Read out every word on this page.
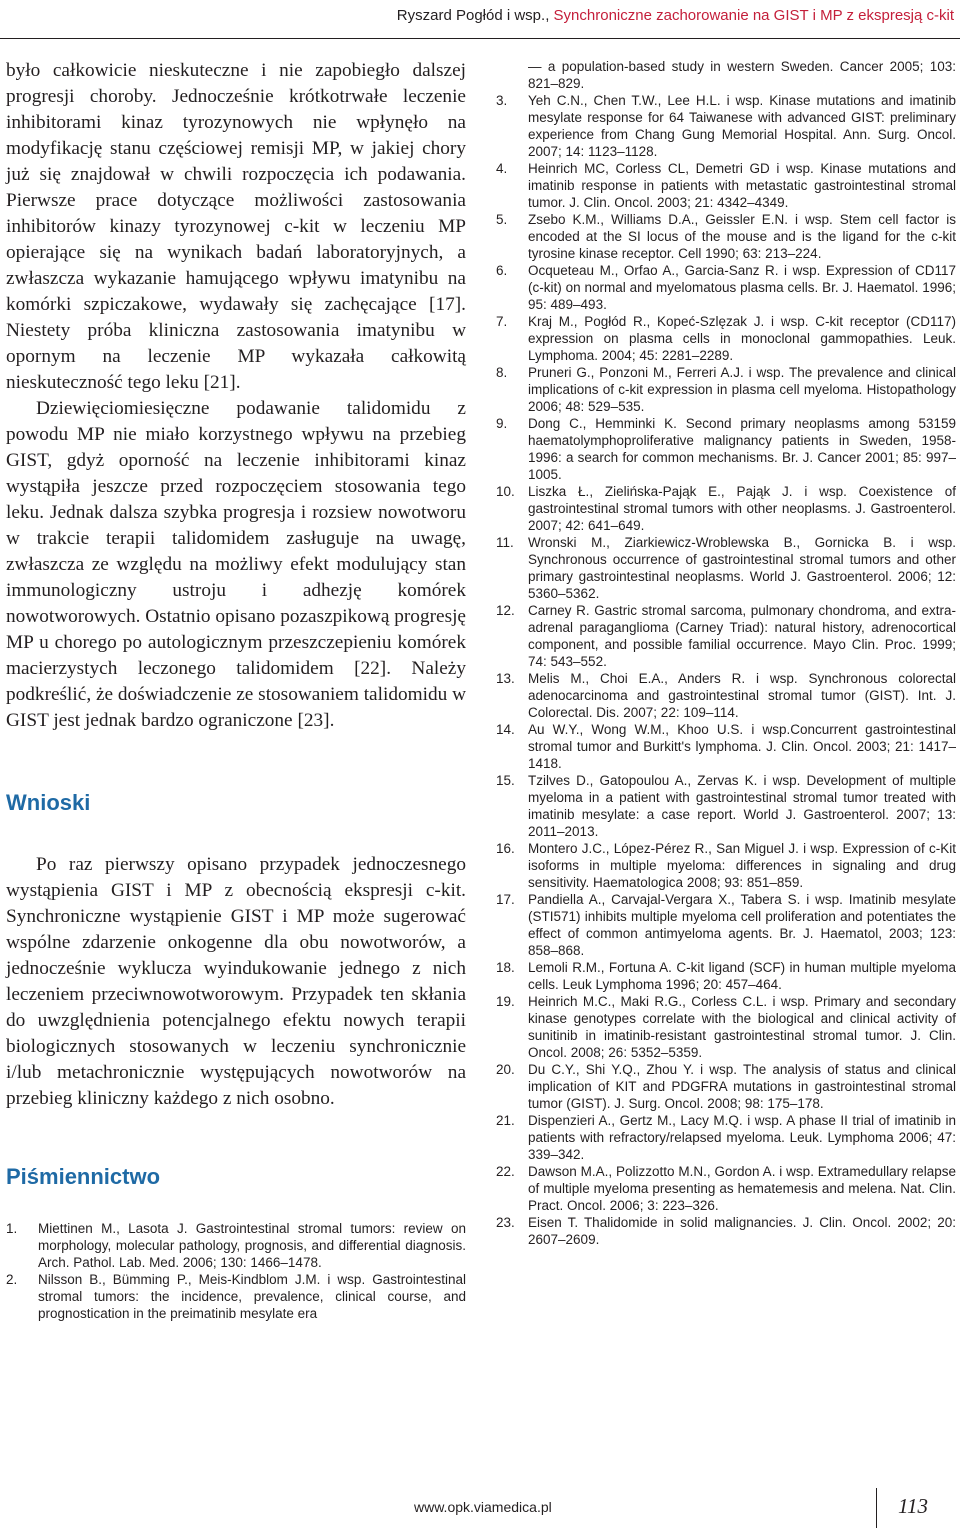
Ryszard Pogłód i wsp., Synchroniczne zachorowanie na GIST i MP z ekspresją c-kit

było całkowicie nieskuteczne i nie zapobiegło dalszej progresji choroby. Jednocześnie krótkotrwałe leczenie inhibitorami kinaz tyrozynowych nie wpłynęło na modyfikację stanu częściowej remisji MP, w jakiej chory już się znajdował w chwili rozpoczęcia ich podawania. Pierwsze prace dotyczące możliwości zastosowania inhibitorów kinazy tyrozynowej c-kit w leczeniu MP opierające się na wynikach badań laboratoryjnych, a zwłaszcza wykazanie hamującego wpływu imatynibu na komórki szpiczakowe, wydawały się zachęcające [17]. Niestety próba kliniczna zastosowania imatynibu w opornym na leczenie MP wykazała całkowitą nieskuteczność tego leku [21].

Dziewięciomiesięczne podawanie talidomidu z powodu MP nie miało korzystnego wpływu na przebieg GIST, gdyż oporność na leczenie inhibitorami kinaz wystąpiła jeszcze przed rozpoczęciem stosowania tego leku. Jednak dalsza szybka progresja i rozsiew nowotworu w trakcie terapii talidomidem zasługuje na uwagę, zwłaszcza ze względu na możliwy efekt modulujący stan immunologiczny ustroju i adhezję komórek nowotworowych. Ostatnio opisano pozaszpikową progresję MP u chorego po autologicznym przeszczepieniu komórek macierzystych leczonego talidomidem [22]. Należy podkreślić, że doświadczenie ze stosowaniem talidomidu w GIST jest jednak bardzo ograniczone [23].

Wnioski

Po raz pierwszy opisano przypadek jednoczesnego wystąpienia GIST i MP z obecnością ekspresji c-kit. Synchroniczne wystąpienie GIST i MP może sugerować wspólne zdarzenie onkogenne dla obu nowotworów, a jednocześnie wyklucza wyindukowanie jednego z nich leczeniem przeciwnowotworowym. Przypadek ten skłania do uwzględnienia potencjalnego efektu nowych terapii biologicznych stosowanych w leczeniu synchronicznie i/lub metachronicznie występujących nowotworów na przebieg kliniczny każdego z nich osobno.

Piśmiennictwo
1. Miettinen M., Lasota J. Gastrointestinal stromal tumors: review on morphology, molecular pathology, prognosis, and differential diagnosis. Arch. Pathol. Lab. Med. 2006; 130: 1466–1478.
2. Nilsson B., Bümming P., Meis-Kindblom J.M. i wsp. Gastrointestinal stromal tumors: the incidence, prevalence, clinical course, and prognostication in the preimatinib mesylate era
— a population-based study in western Sweden. Cancer 2005; 103: 821–829.
3. Yeh C.N., Chen T.W., Lee H.L. i wsp. Kinase mutations and imatinib mesylate response for 64 Taiwanese with advanced GIST: preliminary experience from Chang Gung Memorial Hospital. Ann. Surg. Oncol. 2007; 14: 1123–1128.
4. Heinrich MC, Corless CL, Demetri GD i wsp. Kinase mutations and imatinib response in patients with metastatic gastrointestinal stromal tumor. J. Clin. Oncol. 2003; 21: 4342–4349.
5. Zsebo K.M., Williams D.A., Geissler E.N. i wsp. Stem cell factor is encoded at the SI locus of the mouse and is the ligand for the c-kit tyrosine kinase receptor. Cell 1990; 63: 213–224.
6. Ocqueteau M., Orfao A., Garcia-Sanz R. i wsp. Expression of CD117 (c-kit) on normal and myelomatous plasma cells. Br. J. Haematol. 1996; 95: 489–493.
7. Kraj M., Pogłód R., Kopeć-Szlęzak J. i wsp. C-kit receptor (CD117) expression on plasma cells in monoclonal gammopathies. Leuk. Lymphoma. 2004; 45: 2281–2289.
8. Pruneri G., Ponzoni M., Ferreri A.J. i wsp. The prevalence and clinical implications of c-kit expression in plasma cell myeloma. Histopathology 2006; 48: 529–535.
9. Dong C., Hemminki K. Second primary neoplasms among 53159 haematolymphoproliferative malignancy patients in Sweden, 1958-1996: a search for common mechanisms. Br. J. Cancer 2001; 85: 997–1005.
10. Liszka Ł., Zielińska-Pająk E., Pająk J. i wsp. Coexistence of gastrointestinal stromal tumors with other neoplasms. J. Gastroenterol. 2007; 42: 641–649.
11. Wronski M., Ziarkiewicz-Wroblewska B., Gornicka B. i wsp. Synchronous occurrence of gastrointestinal stromal tumors and other primary gastrointestinal neoplasms. World J. Gastroenterol. 2006; 12: 5360–5362.
12. Carney R. Gastric stromal sarcoma, pulmonary chondroma, and extra-adrenal paraganglioma (Carney Triad): natural history, adrenocortical component, and possible familial occurrence. Mayo Clin. Proc. 1999; 74: 543–552.
13. Melis M., Choi E.A., Anders R. i wsp. Synchronous colorectal adenocarcinoma and gastrointestinal stromal tumor (GIST). Int. J. Colorectal. Dis. 2007; 22: 109–114.
14. Au W.Y., Wong W.M., Khoo U.S. i wsp.Concurrent gastrointestinal stromal tumor and Burkitt's lymphoma. J. Clin. Oncol. 2003; 21: 1417–1418.
15. Tzilves D., Gatopoulou A., Zervas K. i wsp. Development of multiple myeloma in a patient with gastrointestinal stromal tumor treated with imatinib mesylate: a case report. World J. Gastroenterol. 2007; 13: 2011–2013.
16. Montero J.C., López-Pérez R., San Miguel J. i wsp. Expression of c-Kit isoforms in multiple myeloma: differences in signaling and drug sensitivity. Haematologica 2008; 93: 851–859.
17. Pandiella A., Carvajal-Vergara X., Tabera S. i wsp. Imatinib mesylate (STI571) inhibits multiple myeloma cell proliferation and potentiates the effect of common antimyeloma agents. Br. J. Haematol, 2003; 123: 858–868.
18. Lemoli R.M., Fortuna A. C-kit ligand (SCF) in human multiple myeloma cells. Leuk Lymphoma 1996; 20: 457–464.
19. Heinrich M.C., Maki R.G., Corless C.L. i wsp. Primary and secondary kinase genotypes correlate with the biological and clinical activity of sunitinib in imatinib-resistant gastrointestinal stromal tumor. J. Clin. Oncol. 2008; 26: 5352–5359.
20. Du C.Y., Shi Y.Q., Zhou Y. i wsp. The analysis of status and clinical implication of KIT and PDGFRA mutations in gastrointestinal stromal tumor (GIST). J. Surg. Oncol. 2008; 98: 175–178.
21. Dispenzieri A., Gertz M., Lacy M.Q. i wsp. A phase II trial of imatinib in patients with refractory/relapsed myeloma. Leuk. Lymphoma 2006; 47: 339–342.
22. Dawson M.A., Polizzotto M.N., Gordon A. i wsp. Extramedullary relapse of multiple myeloma presenting as hematemesis and melena. Nat. Clin. Pract. Oncol. 2006; 3: 223–326.
23. Eisen T. Thalidomide in solid malignancies. J. Clin. Oncol. 2002; 20: 2607–2609.
www.opk.viamedica.pl	113
